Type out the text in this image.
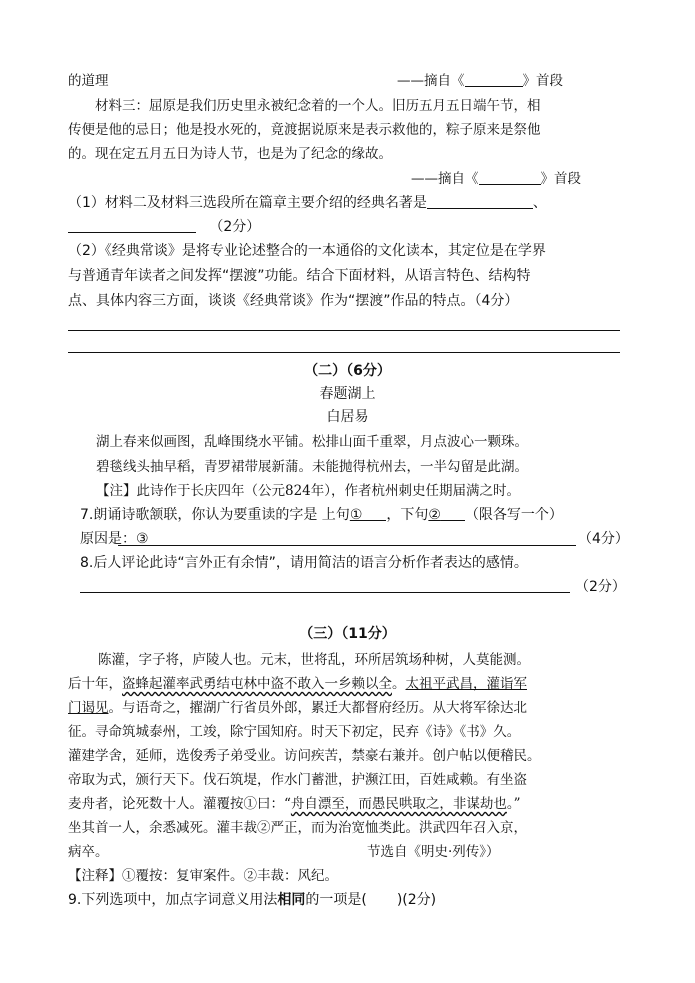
的道理	——摘自《	》首段
材料三：屈原是我们历史里永被纪念着的一个人。旧历五月五日端午节，相
传便是他的忌日；他是投水死的，竟渡据说原来是表示救他的，粽子原来是祭他
的。现在定五月五日为诗人节，也是为了纪念的缘故。
——摘自《	》首段
（1）材料二及材料三选段所在篇章主要介绍的经典名著是	、
（2分）
（2）《经典常谈》是将专业论述整合的一本通俗的文化读本，其定位是在学界
与普通青年读者之间发挥“摆渡”功能。结合下面材料，从语言特色、结构特
点、具体内容三方面，谈谈《经典常谈》作为“摆渡”作品的特点。（4分）
（二）（6分）
春题湖上
白居易
湖上春来似画图，乱峰围绕水平铺。松排山面千重翠，月点波心一颗珠。
碧毯线头抽早稻，青罗裙带展新蒲。未能抛得杭州去，一半勾留是此湖。
【注】此诗作于长庆四年（公元824年），作者杭州刺史任期届满之时。
7.朗诵诗歌颔联，你认为要重读的字是 上句① ，下句② （限各写一个）
原因是：③	（4分）
8.后人评论此诗“言外正有余情”，请用简洁的语言分析作者表达的感情。
（2分）
（三）（11分）
陈灌，字子将，庐陵人也。元末，世将乱，环所居筑场种树，人莫能测。
后十年，盗蜂起灌率武勇结屯林中盗不敢入一乡赖以全。太祖平武昌，灌诣军
门谒见。与语奇之，擢湖广行省员外郎，累迁大都督府经历。从大将军徐达北
征。寻命筑城泰州，工竣，除宁国知府。时天下初定，民弃《诗》《书》久。
灌建学舍，延师，选俊秀子弟受业。访问疾苦，禁豪右兼并。创户帖以便稽民。
帝取为式，颁行天下。伐石筑堤，作水门蓄泄，护濒江田，百姓咸赖。有坐盗
麦舟者，论死数十人。灌覆按①曰：“舟自漂至，而愚民哄取之，非谋劫也。”
坐其首一人，余悉减死。灌丰裁②严正，而为治宽恤类此。洪武四年召入京，
病卒。	节选自《明史·列传》）
【注释】①覆按：复审案件。②丰裁：风纪。
9.下列选项中，加点字词意义用法相同的一项是( )(2分)
